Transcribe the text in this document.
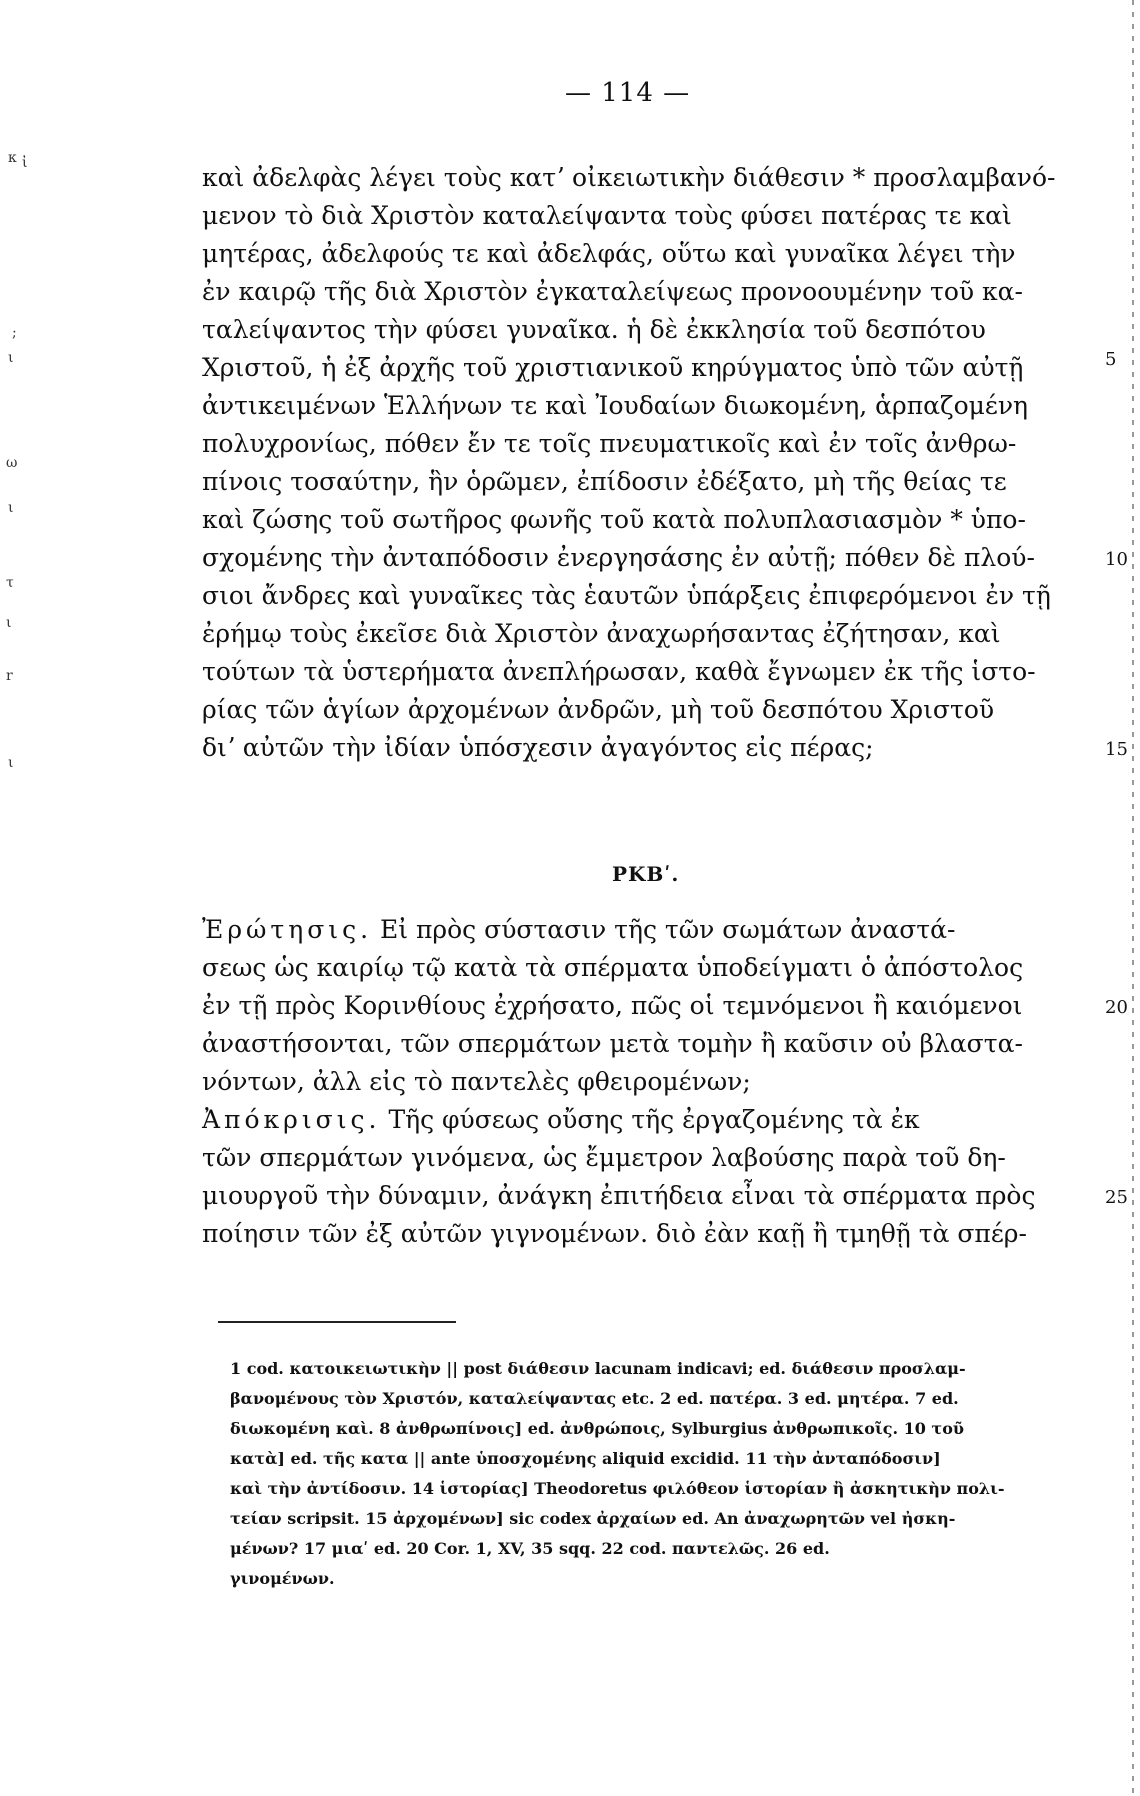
— 114 —
κ ἰ
;
ι
ω
ι
τ
ι
r
ι
καὶ ἀδελφὰς λέγει τοὺς κατʼ οἰκειωτικὴν διάθεσιν * προσλαμβανό-
μενον τὸ διὰ Χριστὸν καταλείψαντα τοὺς φύσει πατέρας τε καὶ
μητέρας, ἀδελφούς τε καὶ ἀδελφάς, οὕτω καὶ γυναῖκα λέγει τὴν
ἐν καιρῷ τῆς διὰ Χριστὸν ἐγκαταλείψεως προνοουμένην τοῦ κα-
ταλείψαντος τὴν φύσει γυναῖκα. ἡ δὲ ἐκκλησία τοῦ δεσπότου
Χριστοῦ, ἡ ἐξ ἀρχῆς τοῦ χριστιανικοῦ κηρύγματος ὑπὸ τῶν αὐτῇ
ἀντικειμένων Ἑλλήνων τε καὶ Ἰουδαίων διωκομένη, ἁρπαζομένη
πολυχρονίως, πόθεν ἔν τε τοῖς πνευματικοῖς καὶ ἐν τοῖς ἀνθρω-
πίνοις τοσαύτην, ἣν ὁρῶμεν, ἐπίδοσιν ἐδέξατο, μὴ τῆς θείας τε
καὶ ζώσης τοῦ σωτῆρος φωνῆς τοῦ κατὰ πολυπλασιασμὸν * ὑπο-
σχομένης τὴν ἀνταπόδοσιν ἐνεργησάσης ἐν αὐτῇ; πόθεν δὲ πλού-
σιοι ἄνδρες καὶ γυναῖκες τὰς ἑαυτῶν ὑπάρξεις ἐπιφερόμενοι ἐν τῇ
ἐρήμῳ τοὺς ἐκεῖσε διὰ Χριστὸν ἀναχωρήσαντας ἐζήτησαν, καὶ
τούτων τὰ ὑστερήματα ἀνεπλήρωσαν, καθὰ ἔγνωμεν ἐκ τῆς ἱστο-
ρίας τῶν ἁγίων ἀρχομένων ἀνδρῶν, μὴ τοῦ δεσπότου Χριστοῦ
διʼ αὐτῶν τὴν ἰδίαν ὑπόσχεσιν ἀγαγόντος εἰς πέρας;
Ἐρώτησις. Εἰ πρὸς σύστασιν τῆς τῶν σωμάτων ἀναστά-
σεως ὡς καιρίῳ τῷ κατὰ τὰ σπέρματα ὑποδείγματι ὁ ἀπόστολος
ἐν τῇ πρὸς Κορινθίους ἐχρήσατο, πῶς οἱ τεμνόμενοι ἢ καιόμενοι
ἀναστήσονται, τῶν σπερμάτων μετὰ τομὴν ἢ καῦσιν οὐ βλαστα-
νόντων, ἀλλ εἰς τὸ παντελὲς φθειρομένων;
Ἀπόκρισις. Τῆς φύσεως οὔσης τῆς ἐργαζομένης τὰ ἐκ
τῶν σπερμάτων γινόμενα, ὡς ἔμμετρον λαβούσης παρὰ τοῦ δη-
μιουργοῦ τὴν δύναμιν, ἀνάγκη ἐπιτήδεια εἶναι τὰ σπέρματα πρὸς
ποίησιν τῶν ἐξ αὐτῶν γιγνομένων. διὸ ἐὰν καῇ ἢ τμηθῇ τὰ σπέρ-
5
10
15
20
25
ΡΚΒʹ.
1 cod. κατοικειωτικὴν || post διάθεσιν lacunam indicavi; ed. διάθεσιν προσλαμ-
βανομένους τὸν Χριστόν, καταλείψαντας etc. 2 ed. πατέρα. 3 ed. μητέρα. 7 ed.
διωκομένη καὶ. 8 ἀνθρωπίνοις] ed. ἀνθρώποις, Sylburgius ἀνθρωπικοῖς. 10 τοῦ
κατὰ] ed. τῆς κατα || ante ὑποσχομένης aliquid excidid. 11 τὴν ἀνταπόδοσιν]
καὶ τὴν ἀντίδοσιν. 14 ἱστορίας] Theodoretus φιλόθεον ἱστορίαν ἢ ἀσκητικὴν πολι-
τείαν scripsit. 15 ἀρχομένων] sic codex ἀρχαίων ed. An ἀναχωρητῶν vel ἠσκη-
μένων? 17 μιαʹ ed. 20 Cor. 1, XV, 35 sqq. 22 cod. παντελῶς. 26 ed.
γινομένων.
